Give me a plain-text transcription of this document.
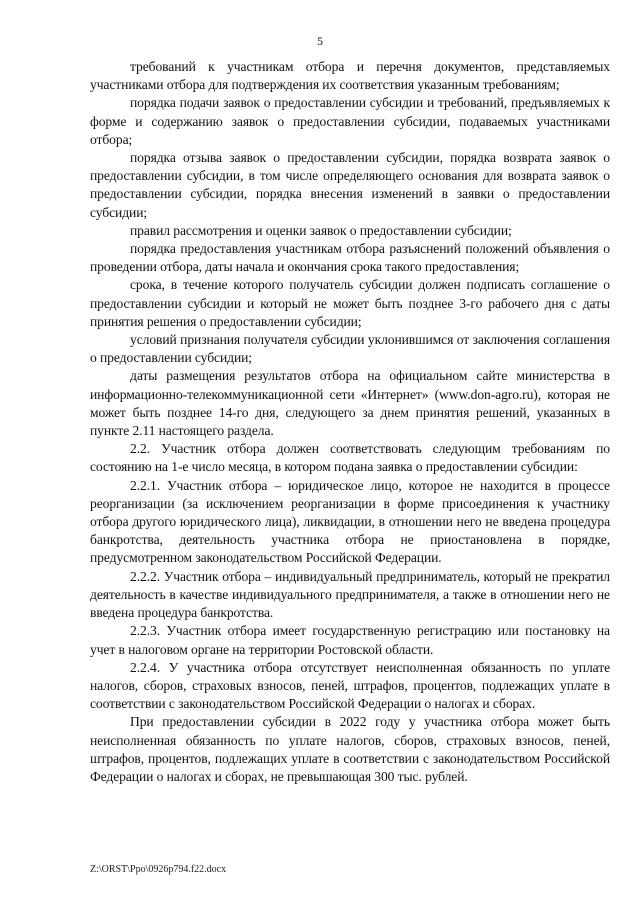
5

требований к участникам отбора и перечня документов, представляемых участниками отбора для подтверждения их соответствия указанным требованиям;

порядка подачи заявок о предоставлении субсидии и требований, предъявляемых к форме и содержанию заявок о предоставлении субсидии, подаваемых участниками отбора;

порядка отзыва заявок о предоставлении субсидии, порядка возврата заявок о предоставлении субсидии, в том числе определяющего основания для возврата заявок о предоставлении субсидии, порядка внесения изменений в заявки о предоставлении субсидии;

правил рассмотрения и оценки заявок о предоставлении субсидии;

порядка предоставления участникам отбора разъяснений положений объявления о проведении отбора, даты начала и окончания срока такого предоставления;

срока, в течение которого получатель субсидии должен подписать соглашение о предоставлении субсидии и который не может быть позднее 3-го рабочего дня с даты принятия решения о предоставлении субсидии;

условий признания получателя субсидии уклонившимся от заключения соглашения о предоставлении субсидии;

даты размещения результатов отбора на официальном сайте министерства в информационно-телекоммуникационной сети «Интернет» (www.don-agro.ru), которая не может быть позднее 14-го дня, следующего за днем принятия решений, указанных в пункте 2.11 настоящего раздела.

2.2. Участник отбора должен соответствовать следующим требованиям по состоянию на 1-е число месяца, в котором подана заявка о предоставлении субсидии:

2.2.1. Участник отбора – юридическое лицо, которое не находится в процессе реорганизации (за исключением реорганизации в форме присоединения к участнику отбора другого юридического лица), ликвидации, в отношении него не введена процедура банкротства, деятельность участника отбора не приостановлена в порядке, предусмотренном законодательством Российской Федерации.

2.2.2. Участник отбора – индивидуальный предприниматель, который не прекратил деятельность в качестве индивидуального предпринимателя, а также в отношении него не введена процедура банкротства.

2.2.3. Участник отбора имеет государственную регистрацию или постановку на учет в налоговом органе на территории Ростовской области.

2.2.4. У участника отбора отсутствует неисполненная обязанность по уплате налогов, сборов, страховых взносов, пеней, штрафов, процентов, подлежащих уплате в соответствии с законодательством Российской Федерации о налогах и сборах.

При предоставлении субсидии в 2022 году у участника отбора может быть неисполненная обязанность по уплате налогов, сборов, страховых взносов, пеней, штрафов, процентов, подлежащих уплате в соответствии с законодательством Российской Федерации о налогах и сборах, не превышающая 300 тыс. рублей.

Z:\ORST\Ppo\0926p794.f22.docx
